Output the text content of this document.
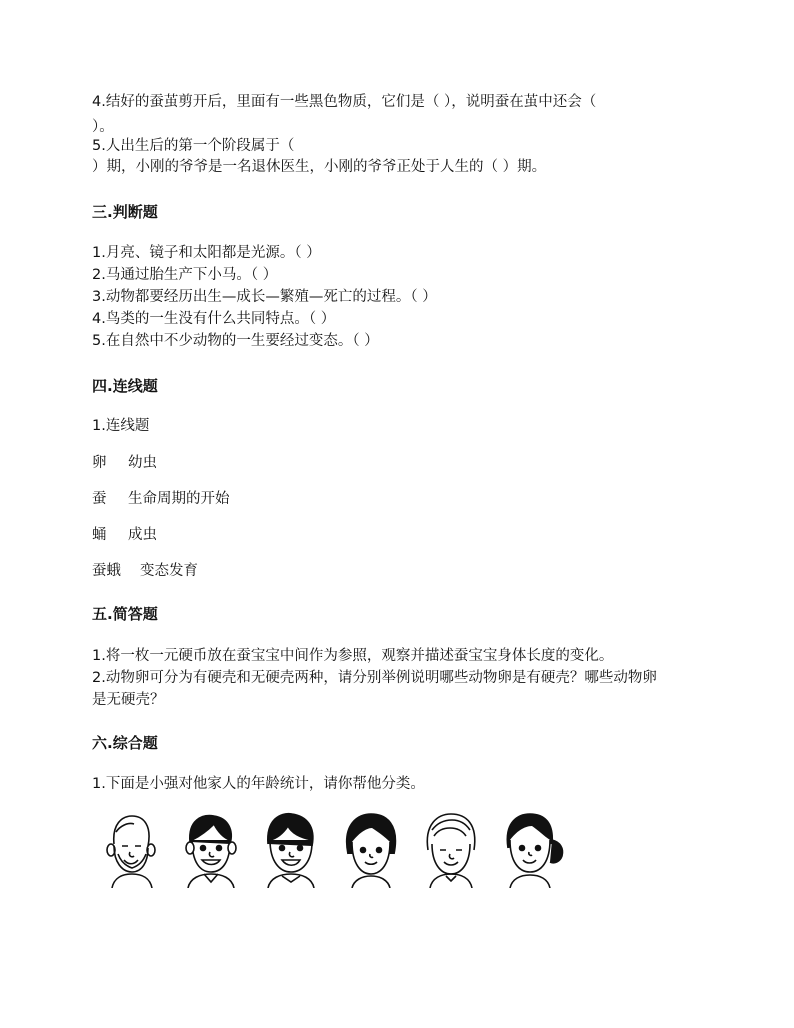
4.结好的蚕茧剪开后，里面有一些黑色物质，它们是（ ），说明蚕在茧中还会（
）。
5.人出生后的第一个阶段属于（
）期，小刚的爷爷是一名退休医生，小刚的爷爷正处于人生的（ ）期。
三.判断题
1.月亮、镜子和太阳都是光源。（ ）
2.马通过胎生产下小马。（ ）
3.动物都要经历出生—成长—繁殖—死亡的过程。（ ）
4.鸟类的一生没有什么共同特点。（ ）
5.在自然中不少动物的一生要经过变态。（ ）
四.连线题
1.连线题
卵 幼虫
蚕 生命周期的开始
蛹 成虫
蚕蛾 变态发育
五.简答题
1.将一枚一元硬币放在蚕宝宝中间作为参照，观察并描述蚕宝宝身体长度的变化。
2.动物卵可分为有硬壳和无硬壳两种，请分别举例说明哪些动物卵是有硬壳？哪些动物卵
是无硬壳？
六.综合题
1.下面是小强对他家人的年龄统计，请你帮他分类。
